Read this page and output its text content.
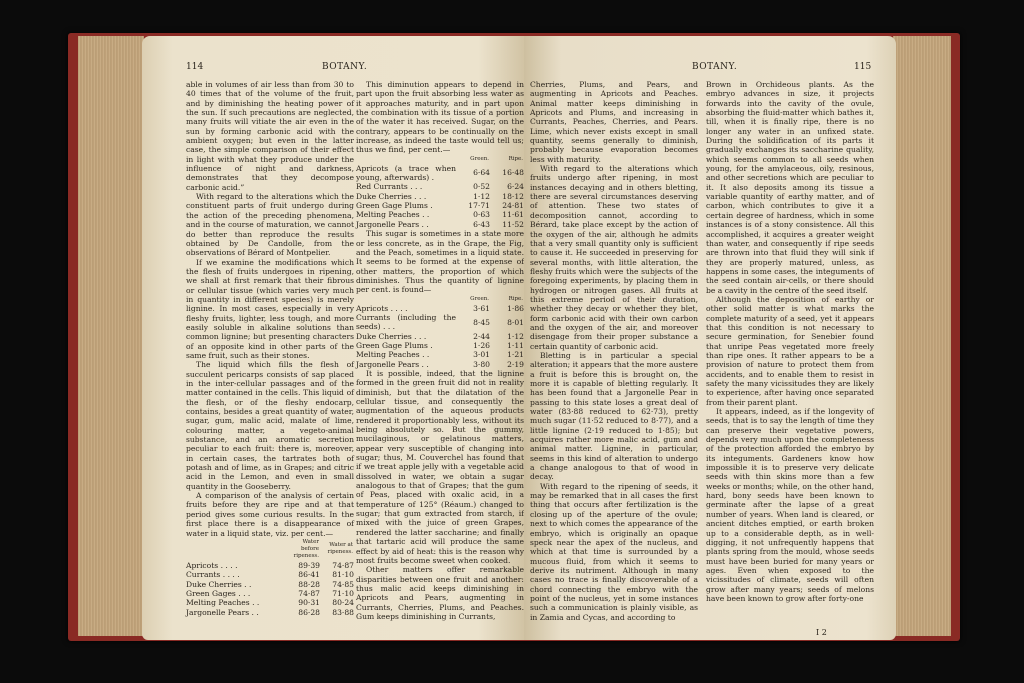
114	BOTANY.

able in volumes of air less than from 30 to 40 times that of the volume of the fruit, and by diminishing the heating power of the sun. If such precautions are neglected, many fruits will vitiate the air even in the sun by forming carbonic acid with the ambient oxygen; but even in the latter case, the simple comparison of their effect in light with what they produce under the influence of night and darkness, demonstrates that they decompose carbonic acid.”

With regard to the alterations which the constituent parts of fruit undergo during the action of the preceding phenomena, and in the course of maturation, we cannot do better than reproduce the results obtained by De Candolle, from the observations of Bérard of Montpelier.

If we examine the modifications which the flesh of fruits undergoes in ripening, we shall at first remark that their fibrous or cellular tissue (which varies very much in quantity in different species) is merely lignine. In most cases, especially in very fleshy fruits, lighter, less tough, and more easily soluble in alkaline solutions than common lignine; but presenting characters of an opposite kind in other parts of the same fruit, such as their stones.

The liquid which fills the flesh of succulent pericarps consists of sap placed in the inter-cellular passages and of the matter contained in the cells. This liquid of the flesh, or of the fleshy endocarp, contains, besides a great quantity of water, sugar, gum, malic acid, malate of lime, colouring matter, a vegeto-animal substance, and an aromatic secretion peculiar to each fruit: there is, moreover, in certain cases, the tartrates both of potash and of lime, as in Grapes; and citric acid in the Lemon, and even in small quantity in the Gooseberry.

A comparison of the analysis of certain fruits before they are ripe and at that period gives some curious results. In the first place there is a disappearance of water in a liquid state, viz. per cent.—

	Water before ripeness.	Water at ripeness.
Apricots . . . .	89·39	74·87
Currants . . . .	86·41	81·10
Duke Cherries . .	88·28	74·85
Green Gages . . .	74·87	71·10
Melting Peaches . .	90·31	80·24
Jargonelle Pears . .	86·28	83·88

This diminution appears to depend in part upon the fruit absorbing less water as it approaches maturity, and in part upon the combination with its tissue of a portion of the water it has received. Sugar, on the contrary, appears to be continually on the increase, as indeed the taste would tell us; thus we find, per cent.—

	Green.	Ripe.
Apricots (a trace when young, afterwards) .	6·64	16·48
Red Currants . . .	0·52	6·24
Duke Cherries . . .	1·12	18·12
Green Gage Plums .	17·71	24·81
Melting Peaches . .	0·63	11·61
Jargonelle Pears . .	6·43	11·52

This sugar is sometimes in a state more or less concrete, as in the Grape, the Fig, and the Peach, sometimes in a liquid state. It seems to be formed at the expense of other matters, the proportion of which diminishes. Thus the quantity of lignine per cent. is found—

	Green.	Ripe.
Apricots . . . .	3·61	1·86
Currants (including the seeds) . . .	8·45	8·01
Duke Cherries . . .	2·44	1·12
Green Gage Plums .	1·26	1·11
Melting Peaches . .	3·01	1·21
Jargonelle Pears . .	3·80	2·19

It is possible, indeed, that the lignine formed in the green fruit did not in reality diminish, but that the dilatation of the cellular tissue, and consequently the augmentation of the aqueous products rendered it proportionably less, without its being absolutely so. But the gummy, mucilaginous, or gelatinous matters, appear very susceptible of changing into sugar; thus, M. Couverchel has found that if we treat apple jelly with a vegetable acid dissolved in water, we obtain a sugar analogous to that of Grapes; that the gum of Peas, placed with oxalic acid, in a temperature of 125° (Réaum.) changed to sugar; that gum extracted from starch, if mixed with the juice of green Grapes, rendered the latter saccharine; and finally that tartaric acid will produce the same effect by aid of heat: this is the reason why most fruits become sweet when cooked.

Other matters offer remarkable disparities between one fruit and another: thus malic acid keeps diminishing in Apricots and Pears, augmenting in Currants, Cherries, Plums, and Peaches. Gum keeps diminishing in Currants,

BOTANY.	115

Cherries, Plums, and Pears, and augmenting in Apricots and Peaches. Animal matter keeps diminishing in Apricots and Plums, and increasing in Currants, Peaches, Cherries, and Pears. Lime, which never exists except in small quantity, seems generally to diminish, probably because evaporation becomes less with maturity.

With regard to the alterations which fruits undergo after ripening, in most instances decaying and in others bletting, there are several circumstances deserving of attention. These two states of decomposition cannot, according to Bérard, take place except by the action of the oxygen of the air, although he admits that a very small quantity only is sufficient to cause it. He succeeded in preserving for several months, with little alteration, the fleshy fruits which were the subjects of the foregoing experiments, by placing them in hydrogen or nitrogen gases. All fruits at this extreme period of their duration, whether they decay or whether they blet, form carbonic acid with their own carbon and the oxygen of the air, and moreover disengage from their proper substance a certain quantity of carbonic acid.

Bletting is in particular a special alteration; it appears that the more austere a fruit is before this is brought on, the more it is capable of bletting regularly. It has been found that a Jargonelle Pear in passing to this state loses a great deal of water (83·88 reduced to 62·73), pretty much sugar (11·52 reduced to 8·77), and a little lignine (2·19 reduced to 1·85); but acquires rather more malic acid, gum and animal matter. Lignine, in particular, seems in this kind of alteration to undergo a change analogous to that of wood in decay.

With regard to the ripening of seeds, it may be remarked that in all cases the first thing that occurs after fertilization is the closing up of the aperture of the ovule; next to which comes the appearance of the embryo, which is originally an opaque speck near the apex of the nucleus, and which at that time is surrounded by a mucous fluid, from which it seems to derive its nutriment. Although in many cases no trace is finally discoverable of a chord connecting the embryo with the point of the nucleus, yet in some instances such a communication is plainly visible, as in Zamia and Cycas, and according to

Brown in Orchideous plants. As the embryo advances in size, it projects forwards into the cavity of the ovule, absorbing the fluid-matter which bathes it, till, when it is finally ripe, there is no longer any water in an unfixed state. During the solidification of its parts it gradually exchanges its saccharine quality, which seems common to all seeds when young, for the amylaceous, oily, resinous, and other secretions which are peculiar to it. It also deposits among its tissue a variable quantity of earthy matter, and of carbon, which contributes to give it a certain degree of hardness, which in some instances is of a stony consistence. All this accomplished, it acquires a greater weight than water, and consequently if ripe seeds are thrown into that fluid they will sink if they are properly matured, unless, as happens in some cases, the integuments of the seed contain air-cells, or there should be a cavity in the centre of the seed itself.

Although the deposition of earthy or other solid matter is what marks the complete maturity of a seed, yet it appears that this condition is not necessary to secure germination, for Senebier found that unripe Peas vegetated more freely than ripe ones. It rather appears to be a provision of nature to protect them from accidents, and to enable them to resist in safety the many vicissitudes they are likely to experience, after having once separated from their parent plant.

It appears, indeed, as if the longevity of seeds, that is to say the length of time they can preserve their vegetative powers, depends very much upon the completeness of the protection afforded the embryo by its integuments. Gardeners know how impossible it is to preserve very delicate seeds with thin skins more than a few weeks or months; while, on the other hand, hard, bony seeds have been known to germinate after the lapse of a great number of years. When land is cleared, or ancient ditches emptied, or earth broken up to a considerable depth, as in well-digging, it not unfrequently happens that plants spring from the mould, whose seeds must have been buried for many years or ages. Even when exposed to the vicissitudes of climate, seeds will often grow after many years; seeds of melons have been known to grow after forty-one

I 2
